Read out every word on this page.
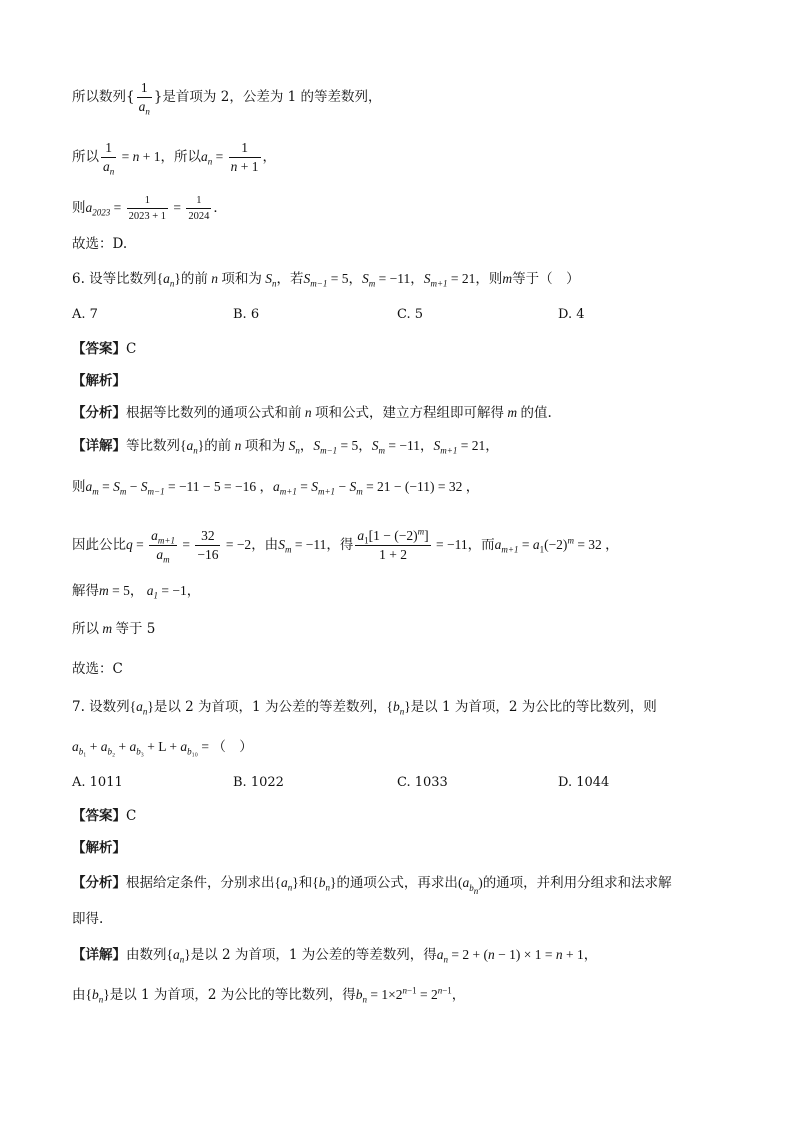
所以数列{ $\frac{1}{a_n}$ }是首项为 2，公差为 1 的等差数列，
所以 $\frac{1}{a_n} = n + 1$，所以$a_n = \frac{1}{n + 1}$ ，
则$a_{2023} = \frac{1}{2023 + 1} = \frac{1}{2024}$ ．
故选：D.
6. 设等比数列$\{a_n\}$的前 n 项和为 $S_n$，若$S_{m-1} = 5$，$S_m = -11$，$S_{m+1} = 21$，则m等于（　）
A. 7	B. 6	C. 5	D. 4
【答案】C
【解析】
【分析】根据等比数列的通项公式和前 n 项和公式，建立方程组即可解得 m 的值.
【详解】等比数列$\{a_n\}$的前 n 项和为 $S_n$，$S_{m-1} = 5$，$S_m = -11$，$S_{m+1} = 21$，
则$a_m = S_m - S_{m-1} = -11 - 5 = -16$ ，$a_{m+1} = S_{m+1} - S_m = 21 - (-11) = 32$ ，
因此公比$q = \frac{a_{m+1}}{a_m} = \frac{32}{-16} = -2$，由$S_m = -11$，得 $\frac{a_1[1 - (-2)^m]}{1 + 2} = -11$，而$a_{m+1} = a_1(-2)^m = 32$ ，
解得m = 5， $a_1 = -1$，
所以 m 等于 5
故选：C
7. 设数列$\{a_n\}$是以 2 为首项，1 为公差的等差数列，$\{b_n\}$是以 1 为首项，2 为公比的等比数列，则
$a_{b_1} + a_{b_2} + a_{b_3} + L + a_{b_{10}}$ = （　）
A. 1011	B. 1022	C. 1033	D. 1044
【答案】C
【解析】
【分析】根据给定条件，分别求出$\{a_n\}$和$\{b_n\}$的通项公式，再求出$(a_{b_n})$的通项，并利用分组求和法求解
即得.
【详解】由数列$\{a_n\}$是以 2 为首项，1 为公差的等差数列，得$a_n = 2 + (n - 1) \times 1 = n + 1$，
由$\{b_n\}$是以 1 为首项，2 为公比的等比数列，得$b_n = 1\times 2^{n-1} = 2^{n-1}$，
